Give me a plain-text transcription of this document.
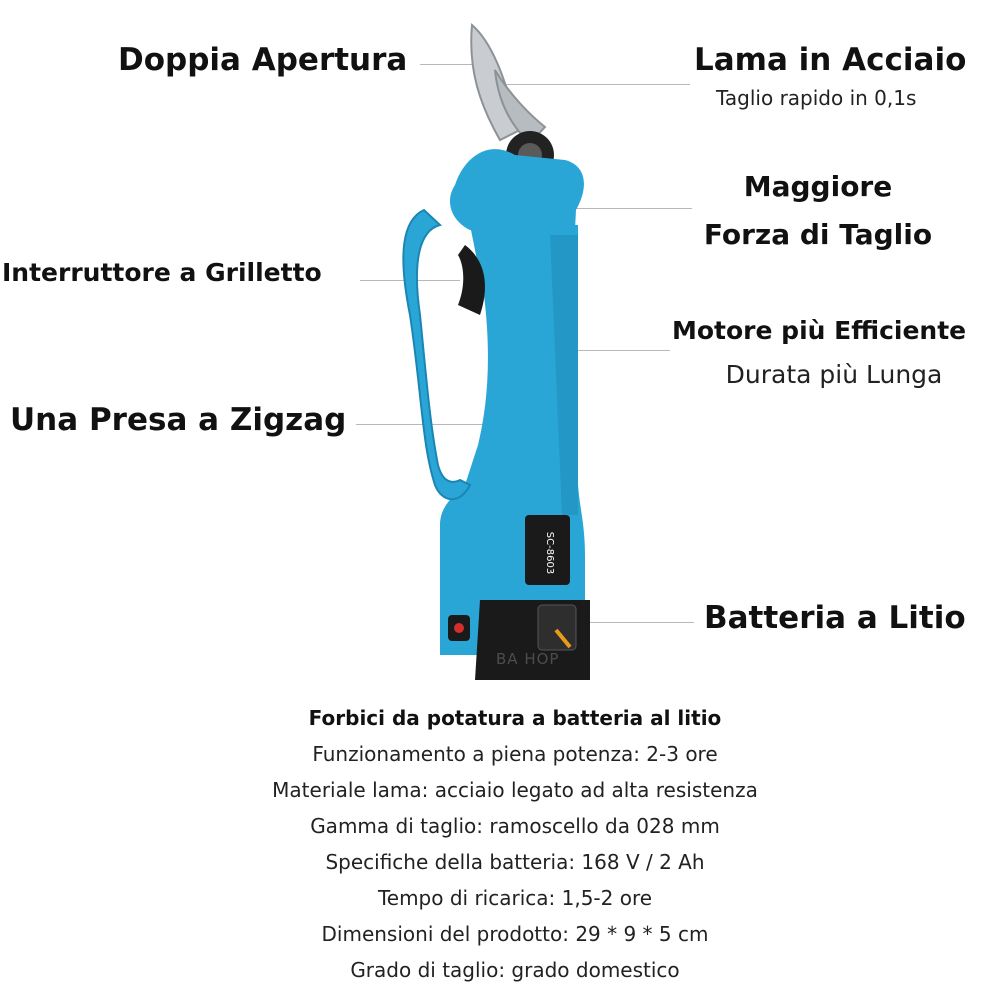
SC-8603
BA HOP
Doppia Apertura	Lama in Acciaio
Taglio rapido in 0,1s
Maggiore
Forza di Taglio
Interruttore a Grilletto
Motore più Efficiente
Durata più Lunga
Una Presa a Zigzag
Batteria a Litio
Forbici da potatura a batteria al litio
Funzionamento a piena potenza: 2-3 ore
Materiale lama: acciaio legato ad alta resistenza
Gamma di taglio: ramoscello da 028 mm
Specifiche della batteria: 168 V / 2 Ah
Tempo di ricarica: 1,5-2 ore
Dimensioni del prodotto: 29 * 9 * 5 cm
Grado di taglio: grado domestico
